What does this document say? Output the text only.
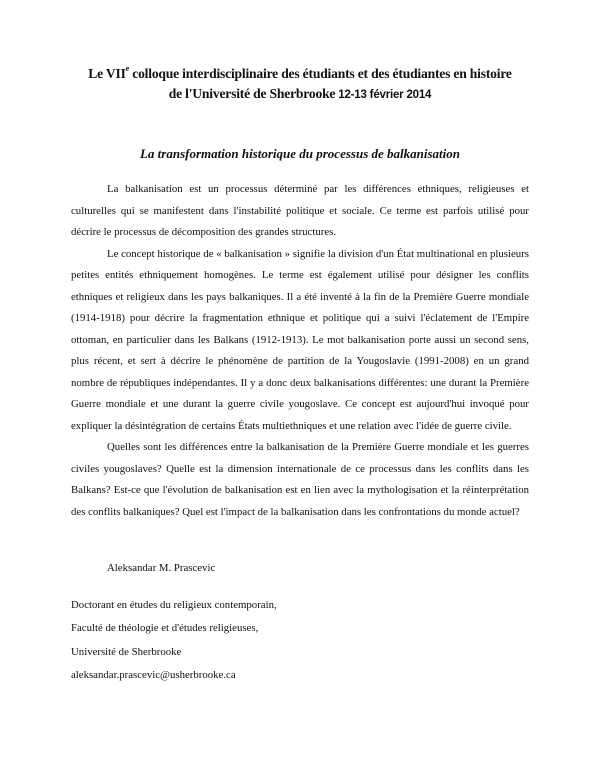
Le VIIe colloque interdisciplinaire des étudiants et des étudiantes en histoire
de l'Université de Sherbrooke 12-13 février 2014
La transformation historique du processus de balkanisation

La balkanisation est un processus déterminé par les différences ethniques, religieuses et culturelles qui se manifestent dans l'instabilité politique et sociale. Ce terme est parfois utilisé pour décrire le processus de décomposition des grandes structures.

Le concept historique de « balkanisation » signifie la division d'un État multinational en plusieurs petites entités ethniquement homogènes. Le terme est également utilisé pour désigner les conflits ethniques et religieux dans les pays balkaniques. Il a été inventé à la fin de la Première Guerre mondiale (1914-1918) pour décrire la fragmentation ethnique et politique qui a suivi l'éclatement de l'Empire ottoman, en particulier dans les Balkans (1912-1913). Le mot balkanisation porte aussi un second sens, plus récent, et sert à décrire le phénomène de partition de la Yougoslavie (1991-2008) en un grand nombre de républiques indépendantes. Il y a donc deux balkanisations différentes: une durant la Première Guerre mondiale et une durant la guerre civile yougoslave. Ce concept est aujourd'hui invoqué pour expliquer la désintégration de certains États multiethniques et une relation avec l'idée de guerre civile.

Quelles sont les différences entre la balkanisation de la Première Guerre mondiale et les guerres civiles yougoslaves? Quelle est la dimension internationale de ce processus dans les conflits dans les Balkans? Est-ce que l'évolution de balkanisation est en lien avec la mythologisation et la réinterprétation des conflits balkaniques? Quel est l'impact de la balkanisation dans les confrontations du monde actuel?

Aleksandar M. Prascevic
Doctorant en études du religieux contemporain,
Faculté de théologie et d'études religieuses,
Université de Sherbrooke
aleksandar.prascevic@usherbrooke.ca
